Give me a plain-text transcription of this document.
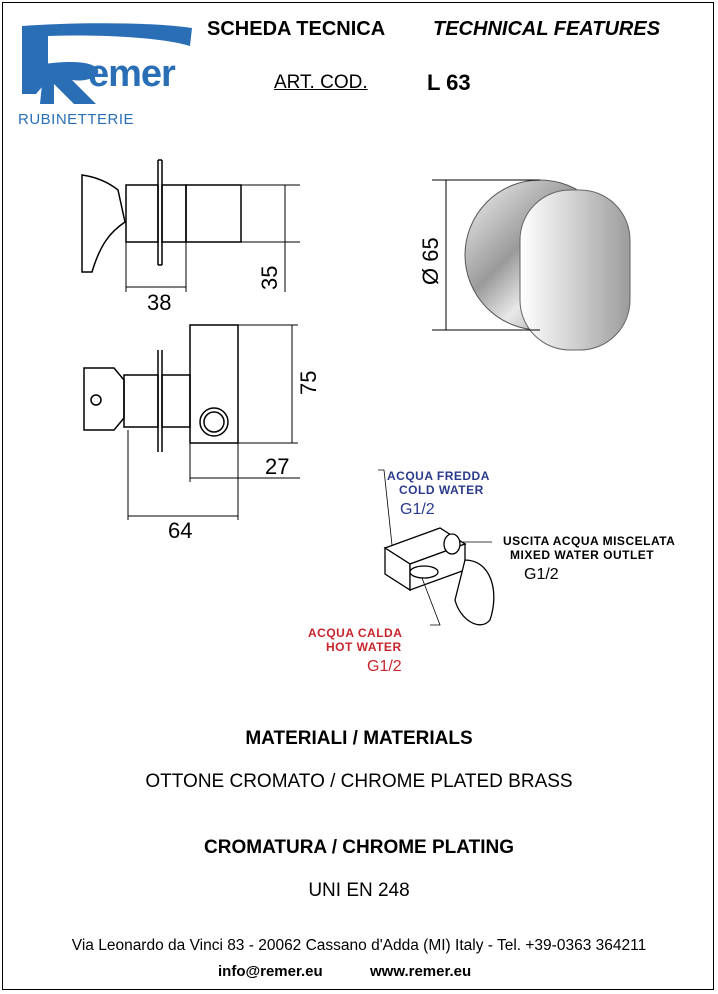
emer
RUBINETTERIE
SCHEDA TECNICA TECHNICAL FEATURES
ART. COD.	L 63
38
35
75
27
64
Ø 65
ACQUA FREDDA
COLD WATER
G1/2
USCITA ACQUA MISCELATA
MIXED WATER OUTLET
G1/2
ACQUA CALDA
HOT WATER
G1/2
MATERIALI / MATERIALS
OTTONE CROMATO / CHROME PLATED BRASS
CROMATURA / CHROME PLATING
UNI EN 248
Via Leonardo da Vinci 83 - 20062 Cassano d'Adda (MI) Italy - Tel. +39-0363 364211
info@remer.eu	www.remer.eu
